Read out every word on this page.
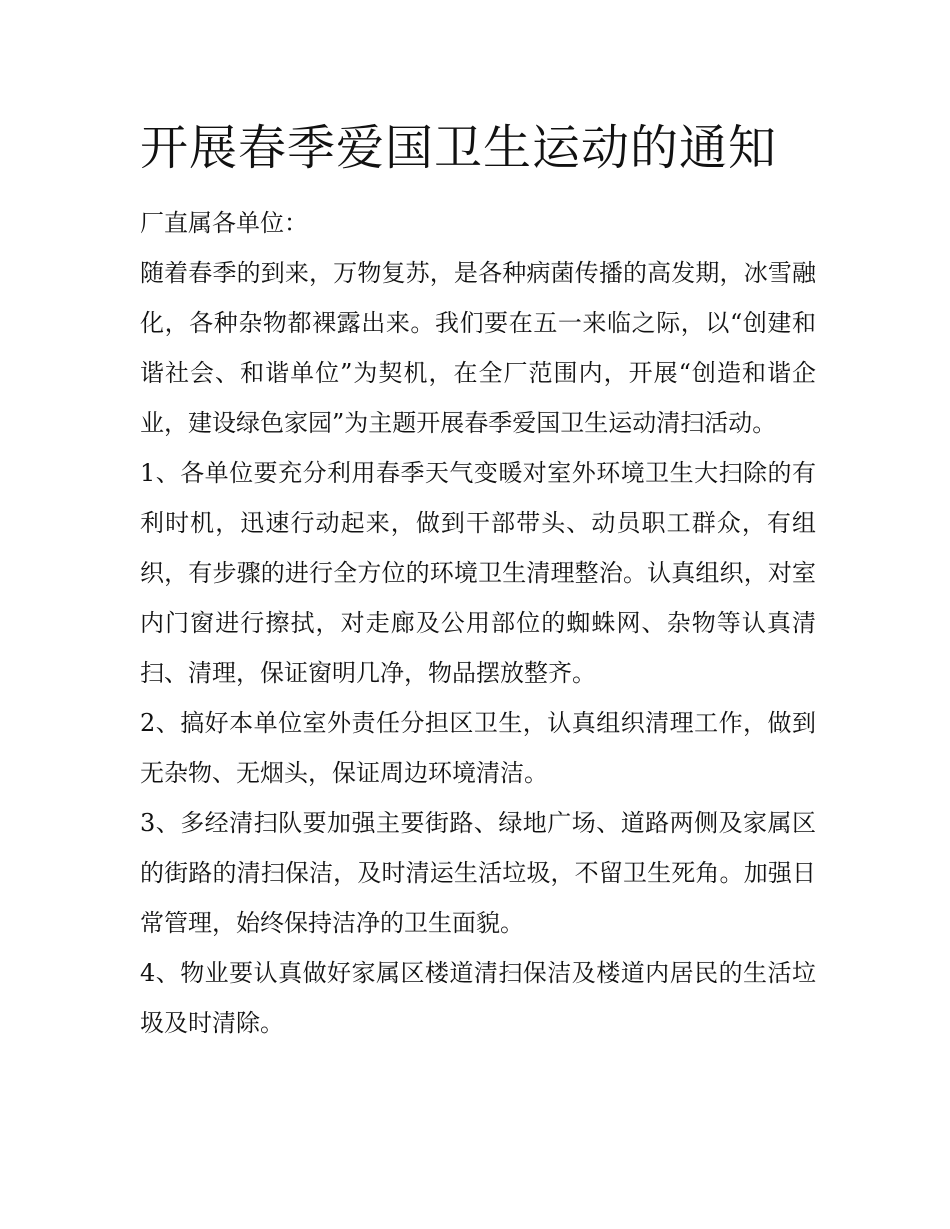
开展春季爱国卫生运动的通知

厂直属各单位：

随着春季的到来，万物复苏，是各种病菌传播的高发期，冰雪融化，各种杂物都裸露出来。我们要在五一来临之际，以“创建和谐社会、和谐单位”为契机，在全厂范围内，开展“创造和谐企业，建设绿色家园”为主题开展春季爱国卫生运动清扫活动。

1、各单位要充分利用春季天气变暖对室外环境卫生大扫除的有利时机，迅速行动起来，做到干部带头、动员职工群众，有组织，有步骤的进行全方位的环境卫生清理整治。认真组织，对室内门窗进行擦拭，对走廊及公用部位的蜘蛛网、杂物等认真清扫、清理，保证窗明几净，物品摆放整齐。

2、搞好本单位室外责任分担区卫生，认真组织清理工作，做到无杂物、无烟头，保证周边环境清洁。

3、多经清扫队要加强主要街路、绿地广场、道路两侧及家属区的街路的清扫保洁，及时清运生活垃圾，不留卫生死角。加强日常管理，始终保持洁净的卫生面貌。

4、物业要认真做好家属区楼道清扫保洁及楼道内居民的生活垃圾及时清除。
